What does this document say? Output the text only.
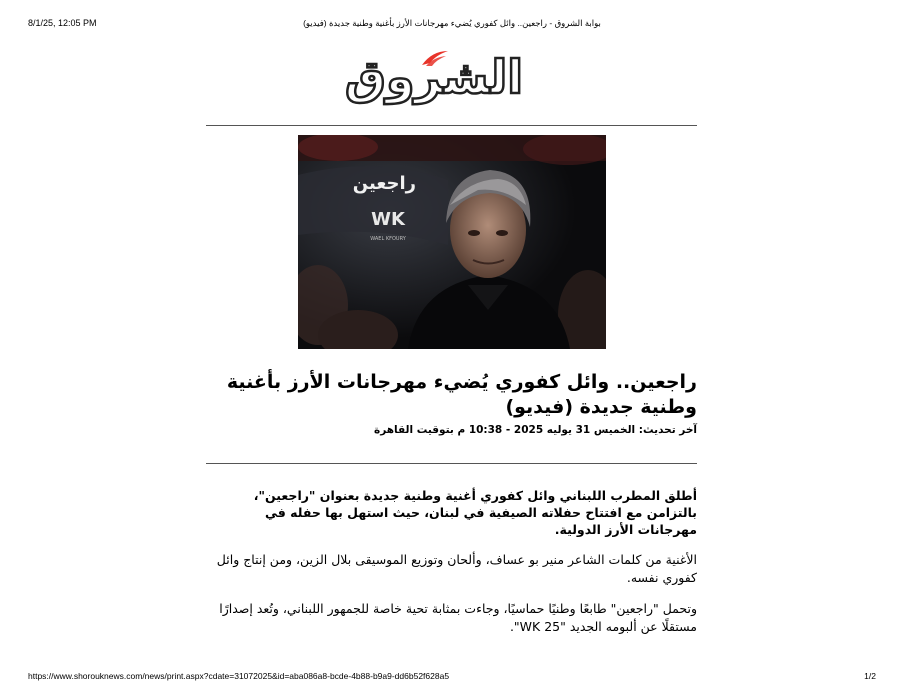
8/1/25, 12:05 PM	بوابة الشروق - راجعين.. وائل كفوري يُضيء مهرجانات الأرز بأغنية وطنية جديدة (فيديو)
الشروق
WK
WAEL KFOURY
راجعين
راجعين.. وائل كفوري يُضيء مهرجانات الأرز بأغنية وطنية جديدة (فيديو)
آخر تحديث: الخميس 31 يوليه 2025 - 10:38 م بتوقيت القاهرة

أطلق المطرب اللبناني وائل كفوري أغنية وطنية جديدة بعنوان "راجعين"، بالتزامن مع افتتاح حفلاته الصيفية في لبنان، حيث استهل بها حفله في مهرجانات الأرز الدولية.

الأغنية من كلمات الشاعر منير بو عساف، وألحان وتوزيع الموسيقى بلال الزين، ومن إنتاج وائل كفوري نفسه.

وتحمل "راجعين" طابعًا وطنيًا حماسيًا، وجاءت بمثابة تحية خاصة للجمهور اللبناني، وتُعد إصدارًا مستقلًا عن ألبومه الجديد "WK 25".

https://www.shorouknews.com/news/print.aspx?cdate=31072025&id=aba086a8-bcde-4b88-b9a9-dd6b52f628a5	1/2
